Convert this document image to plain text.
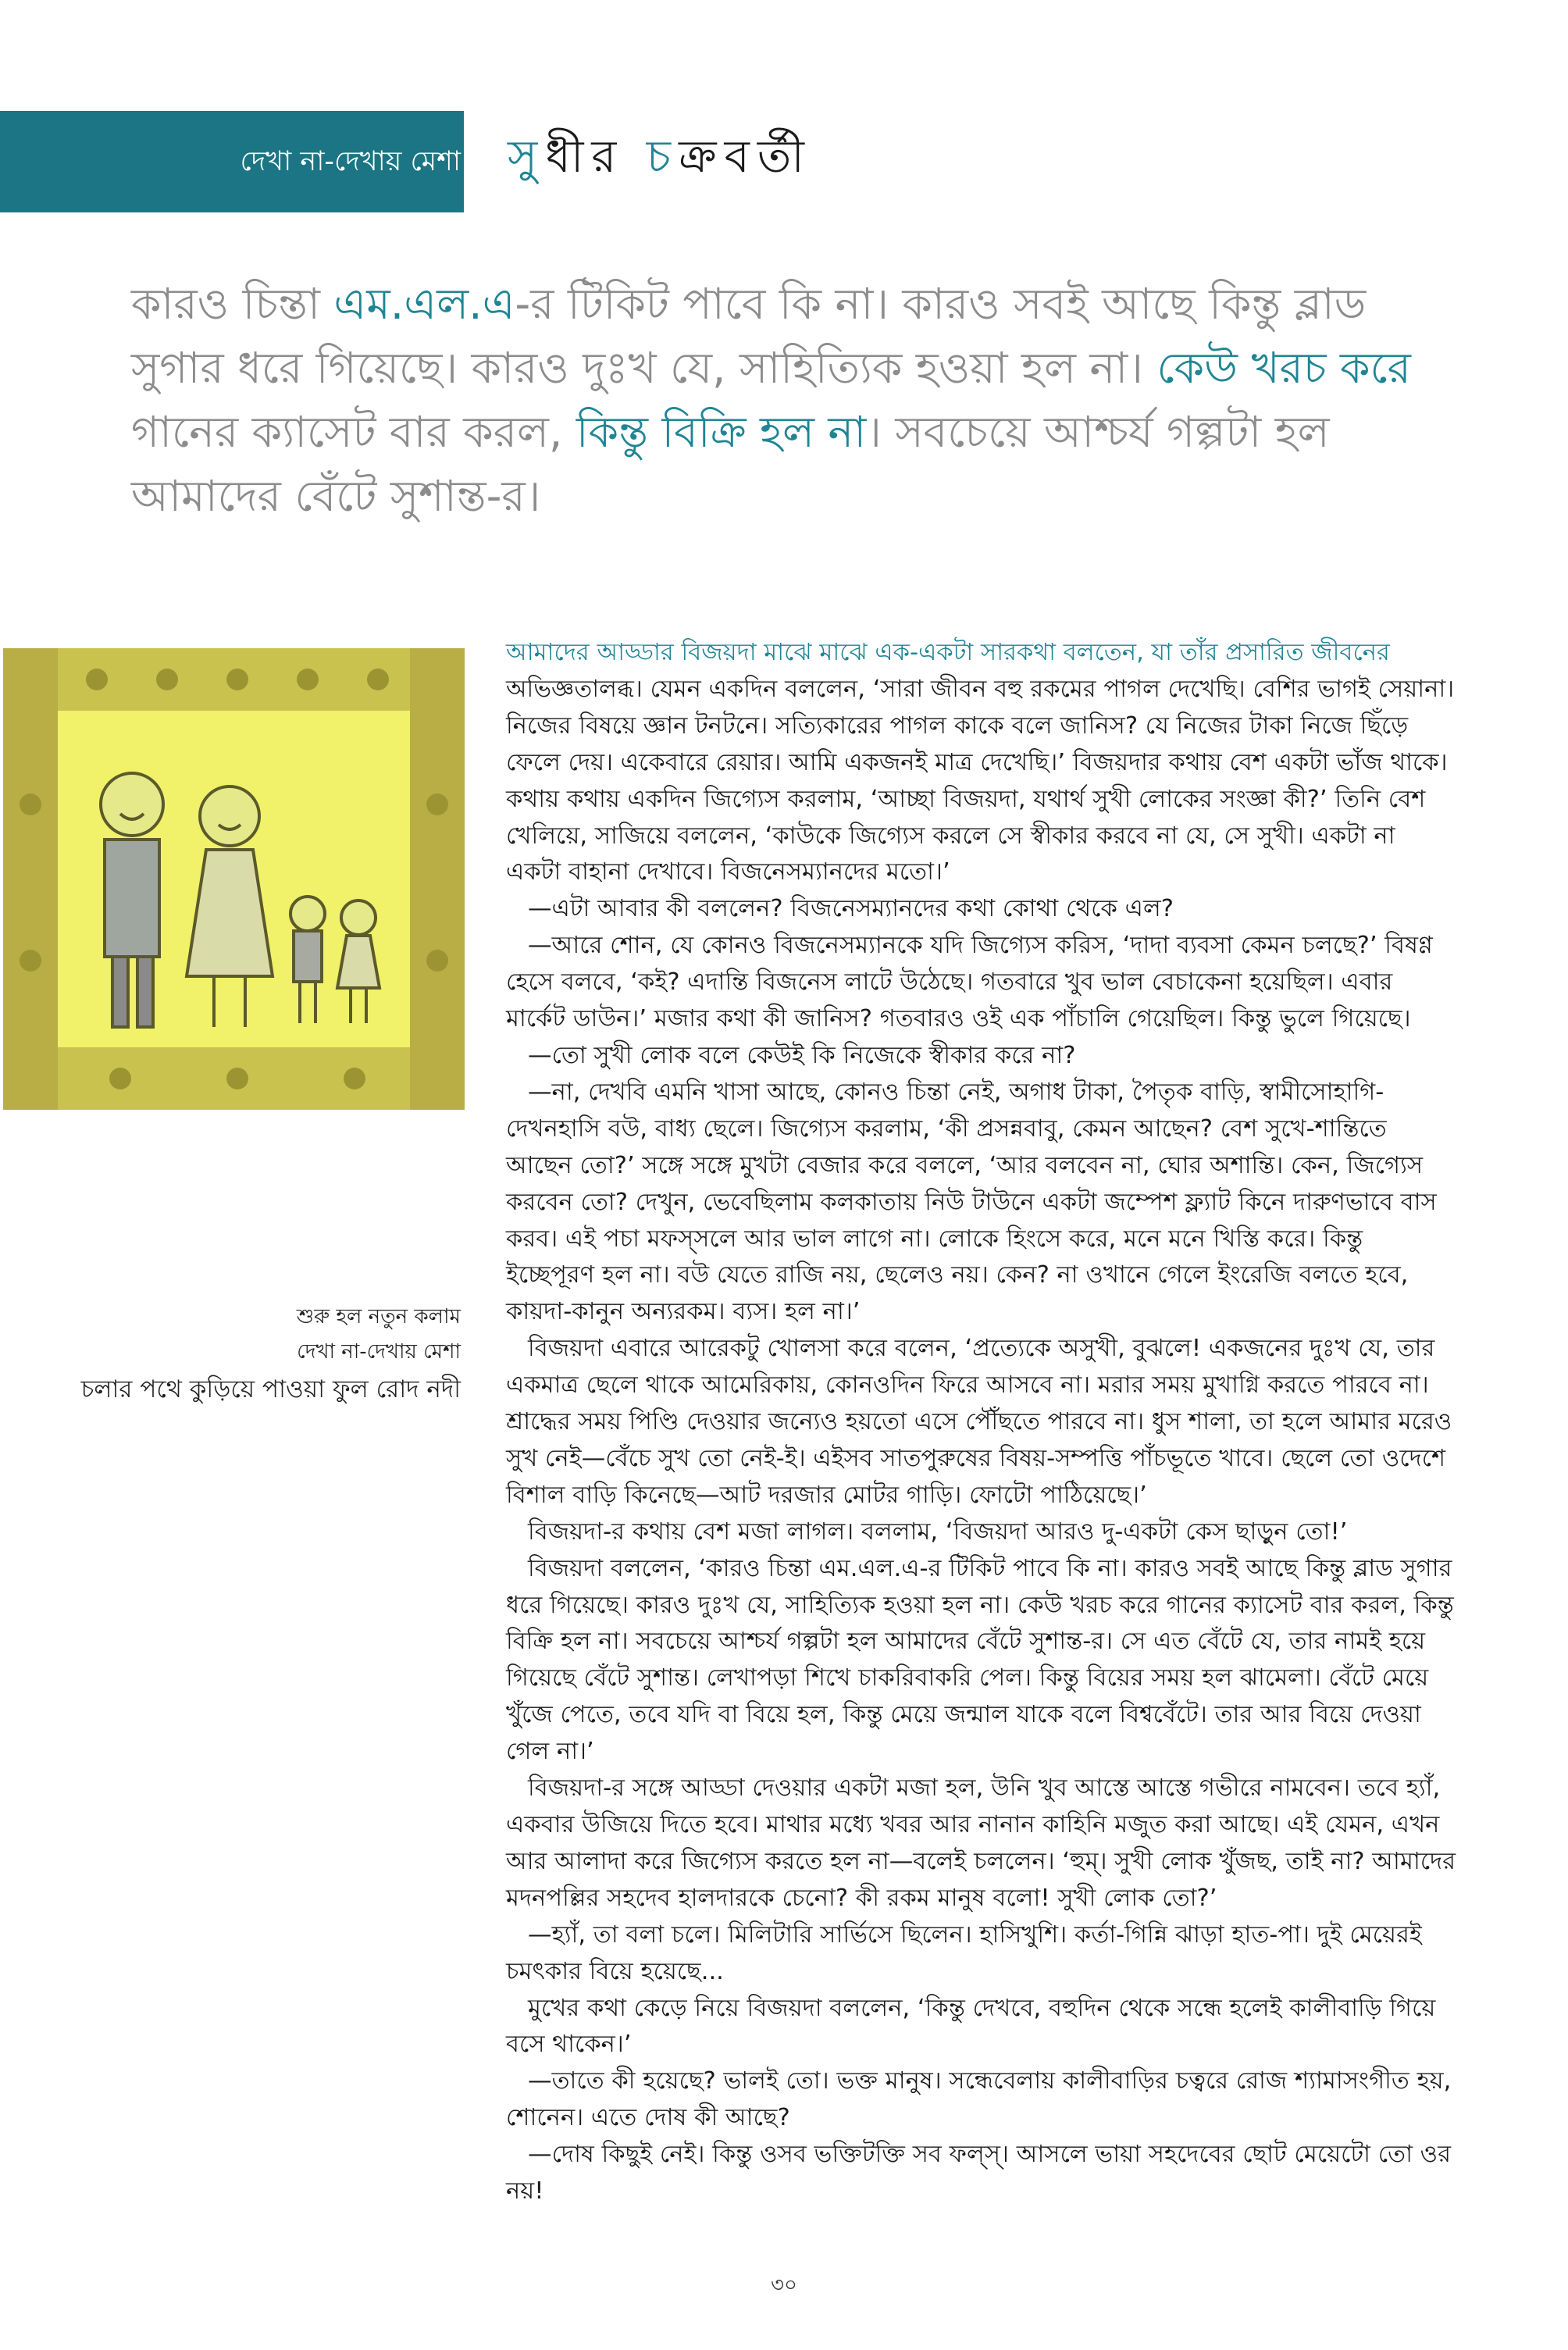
দেখা না-দেখায় মেশা সুধীর চক্রবর্তী
কারও চিন্তা এম.এল.এ-র টিকিট পাবে কি না। কারও সবই আছে কিন্তু ব্লাড সুগার ধরে গিয়েছে। কারও দুঃখ যে, সাহিত্যিক হওয়া হল না। কেউ খরচ করে গানের ক্যাসেট বার করল, কিন্তু বিক্রি হল না। সবচেয়ে আশ্চর্য গল্পটা হল আমাদের বেঁটে সুশান্ত-র।
শুরু হল নতুন কলাম
দেখা না-দেখায় মেশা
চলার পথে কুড়িয়ে পাওয়া ফুল রোদ নদী

আমাদের আড্ডার বিজয়দা মাঝে মাঝে এক-একটা সারকথা বলতেন, যা তাঁর প্রসারিত জীবনের

অভিজ্ঞতালব্ধ। যেমন একদিন বললেন, ‘সারা জীবন বহু রকমের পাগল দেখেছি। বেশির ভাগই সেয়ানা। নিজের বিষয়ে জ্ঞান টনটনে। সত্যিকারের পাগল কাকে বলে জানিস? যে নিজের টাকা নিজে ছিঁড়ে ফেলে দেয়। একেবারে রেয়ার। আমি একজনই মাত্র দেখেছি।’ বিজয়দার কথায় বেশ একটা ভাঁজ থাকে। কথায় কথায় একদিন জিগ্যেস করলাম, ‘আচ্ছা বিজয়দা, যথার্থ সুখী লোকের সংজ্ঞা কী?’ তিনি বেশ খেলিয়ে, সাজিয়ে বললেন, ‘কাউকে জিগ্যেস করলে সে স্বীকার করবে না যে, সে সুখী। একটা না একটা বাহানা দেখাবে। বিজনেসম্যানদের মতো।’

—এটা আবার কী বললেন? বিজনেসম্যানদের কথা কোথা থেকে এল?

—আরে শোন, যে কোনও বিজনেসম্যানকে যদি জিগ্যেস করিস, ‘দাদা ব্যবসা কেমন চলছে?’ বিষণ্ণ হেসে বলবে, ‘কই? এদান্তি বিজনেস লাটে উঠেছে। গতবারে খুব ভাল বেচাকেনা হয়েছিল। এবার মার্কেট ডাউন।’ মজার কথা কী জানিস? গতবারও ওই এক পাঁচালি গেয়েছিল। কিন্তু ভুলে গিয়েছে।

—তো সুখী লোক বলে কেউই কি নিজেকে স্বীকার করে না?

—না, দেখবি এমনি খাসা আছে, কোনও চিন্তা নেই, অগাধ টাকা, পৈতৃক বাড়ি, স্বামীসোহাগি-দেখনহাসি বউ, বাধ্য ছেলে। জিগ্যেস করলাম, ‘কী প্রসন্নবাবু, কেমন আছেন? বেশ সুখে-শান্তিতে আছেন তো?’ সঙ্গে সঙ্গে মুখটা বেজার করে বললে, ‘আর বলবেন না, ঘোর অশান্তি। কেন, জিগ্যেস করবেন তো? দেখুন, ভেবেছিলাম কলকাতায় নিউ টাউনে একটা জম্পেশ ফ্ল্যাট কিনে দারুণভাবে বাস করব। এই পচা মফস্সলে আর ভাল লাগে না। লোকে হিংসে করে, মনে মনে খিস্তি করে। কিন্তু ইচ্ছেপূরণ হল না। বউ যেতে রাজি নয়, ছেলেও নয়। কেন? না ওখানে গেলে ইংরেজি বলতে হবে, কায়দা-কানুন অন্যরকম। ব্যস। হল না।’

বিজয়দা এবারে আরেকটু খোলসা করে বলেন, ‘প্রত্যেকে অসুখী, বুঝলে! একজনের দুঃখ যে, তার একমাত্র ছেলে থাকে আমেরিকায়, কোনওদিন ফিরে আসবে না। মরার সময় মুখাগ্নি করতে পারবে না। শ্রাদ্ধের সময় পিণ্ডি দেওয়ার জন্যেও হয়তো এসে পৌঁছতে পারবে না। ধুস শালা, তা হলে আমার মরেও সুখ নেই—বেঁচে সুখ তো নেই-ই। এইসব সাতপুরুষের বিষয়-সম্পত্তি পাঁচভূতে খাবে। ছেলে তো ওদেশে বিশাল বাড়ি কিনেছে—আট দরজার মোটর গাড়ি। ফোটো পাঠিয়েছে।’

বিজয়দা-র কথায় বেশ মজা লাগল। বললাম, ‘বিজয়দা আরও দু-একটা কেস ছাড়ুন তো!’

বিজয়দা বললেন, ‘কারও চিন্তা এম.এল.এ-র টিকিট পাবে কি না। কারও সবই আছে কিন্তু ব্লাড সুগার ধরে গিয়েছে। কারও দুঃখ যে, সাহিত্যিক হওয়া হল না। কেউ খরচ করে গানের ক্যাসেট বার করল, কিন্তু বিক্রি হল না। সবচেয়ে আশ্চর্য গল্পটা হল আমাদের বেঁটে সুশান্ত-র। সে এত বেঁটে যে, তার নামই হয়ে গিয়েছে বেঁটে সুশান্ত। লেখাপড়া শিখে চাকরিবাকরি পেল। কিন্তু বিয়ের সময় হল ঝামেলা। বেঁটে মেয়ে খুঁজে পেতে, তবে যদি বা বিয়ে হল, কিন্তু মেয়ে জন্মাল যাকে বলে বিশ্ববেঁটে। তার আর বিয়ে দেওয়া গেল না।’

বিজয়দা-র সঙ্গে আড্ডা দেওয়ার একটা মজা হল, উনি খুব আস্তে আস্তে গভীরে নামবেন। তবে হ্যাঁ, একবার উজিয়ে দিতে হবে। মাথার মধ্যে খবর আর নানান কাহিনি মজুত করা আছে। এই যেমন, এখন আর আলাদা করে জিগ্যেস করতে হল না—বলেই চললেন। ‘হুম্। সুখী লোক খুঁজছ, তাই না? আমাদের মদনপল্লির সহদেব হালদারকে চেনো? কী রকম মানুষ বলো! সুখী লোক তো?’

—হ্যাঁ, তা বলা চলে। মিলিটারি সার্ভিসে ছিলেন। হাসিখুশি। কর্তা-গিন্নি ঝাড়া হাত-পা। দুই মেয়েরই চমৎকার বিয়ে হয়েছে...

মুখের কথা কেড়ে নিয়ে বিজয়দা বললেন, ‘কিন্তু দেখবে, বহুদিন থেকে সন্ধে হলেই কালীবাড়ি গিয়ে বসে থাকেন।’

—তাতে কী হয়েছে? ভালই তো। ভক্ত মানুষ। সন্ধেবেলায় কালীবাড়ির চত্বরে রোজ শ্যামাসংগীত হয়, শোনেন। এতে দোষ কী আছে?

—দোষ কিছুই নেই। কিন্তু ওসব ভক্তিটক্তি সব ফল্স্। আসলে ভায়া সহদেবের ছোট মেয়েটো তো ওর নয়!

৩০
